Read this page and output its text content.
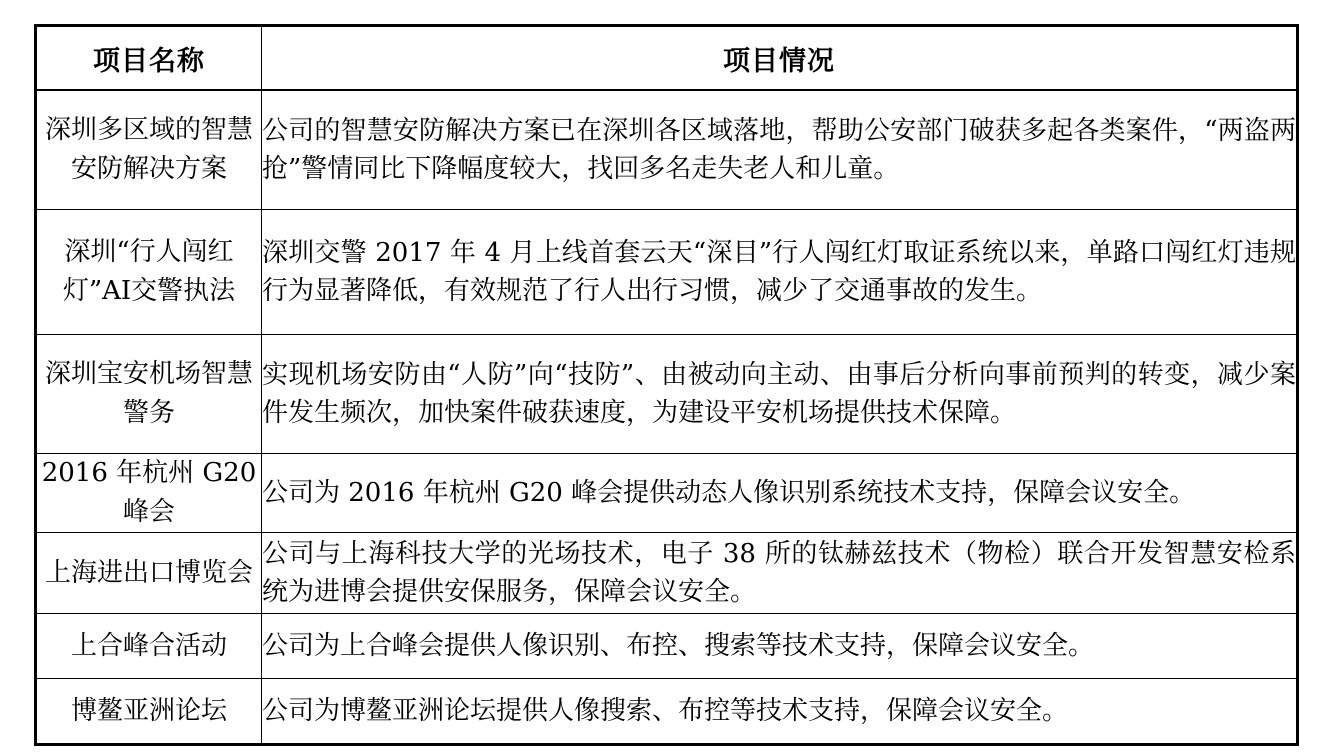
项目名称	项目情况
深圳多区域的智慧安防解决方案	公司的智慧安防解决方案已在深圳各区域落地，帮助公安部门破获多起各类案件，“两盗两抢”警情同比下降幅度较大，找回多名走失老人和儿童。
深圳“行人闯红灯”AI交警执法	深圳交警 2017 年 4 月上线首套云天“深目”行人闯红灯取证系统以来，单路口闯红灯违规行为显著降低，有效规范了行人出行习惯，减少了交通事故的发生。
深圳宝安机场智慧警务	实现机场安防由“人防”向“技防”、由被动向主动、由事后分析向事前预判的转变，减少案件发生频次，加快案件破获速度，为建设平安机场提供技术保障。
2016 年杭州 G20 峰会	公司为 2016 年杭州 G20 峰会提供动态人像识别系统技术支持，保障会议安全。
上海进出口博览会	公司与上海科技大学的光场技术，电子 38 所的钛赫兹技术（物检）联合开发智慧安检系统为进博会提供安保服务，保障会议安全。
上合峰合活动	公司为上合峰会提供人像识别、布控、搜索等技术支持，保障会议安全。
博鳌亚洲论坛	公司为博鳌亚洲论坛提供人像搜索、布控等技术支持，保障会议安全。
